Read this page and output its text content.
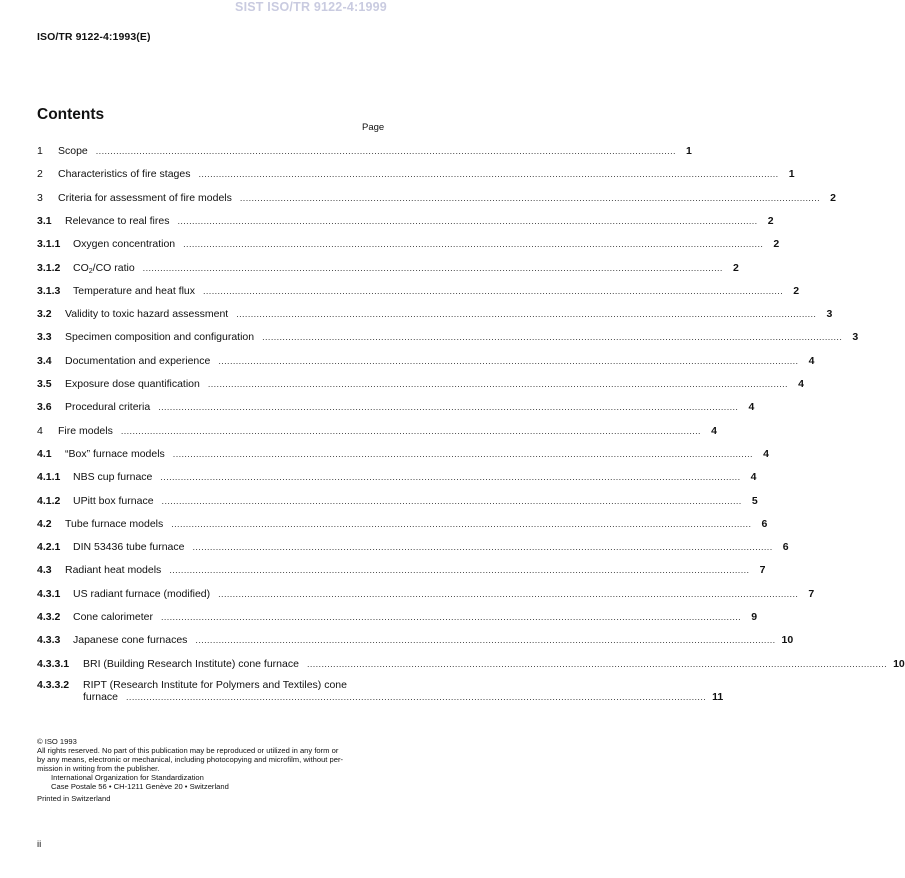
SIST ISO/TR 9122-4:1999
ISO/TR 9122-4:1993(E)
Contents
Page
1	Scope ........................................................................................................................................................................................................ 1
2	Characteristics of fire stages ........................................................................................................................................................................................................ 1
3	Criteria for assessment of fire models ........................................................................................................................................................................................................ 2
3.1	Relevance to real fires ........................................................................................................................................................................................................ 2
3.1.1	Oxygen concentration ........................................................................................................................................................................................................ 2
3.1.2	$CO_2/CO$ ratio ........................................................................................................................................................................................................ 2
3.1.3	Temperature and heat flux ........................................................................................................................................................................................................ 2
3.2	Validity to toxic hazard assessment ........................................................................................................................................................................................................ 3
3.3	Specimen composition and configuration ........................................................................................................................................................................................................ 3
3.4	Documentation and experience ........................................................................................................................................................................................................ 4
3.5	Exposure dose quantification ........................................................................................................................................................................................................ 4
3.6	Procedural criteria ........................................................................................................................................................................................................ 4
4	Fire models ........................................................................................................................................................................................................ 4
4.1	“Box” furnace models ........................................................................................................................................................................................................ 4
4.1.1	NBS cup furnace ........................................................................................................................................................................................................ 4
4.1.2	UPitt box furnace ........................................................................................................................................................................................................ 5
4.2	Tube furnace models ........................................................................................................................................................................................................ 6
4.2.1	DIN 53436 tube furnace ........................................................................................................................................................................................................ 6
4.3	Radiant heat models ........................................................................................................................................................................................................ 7
4.3.1	US radiant furnace (modified) ........................................................................................................................................................................................................ 7
4.3.2	Cone calorimeter ........................................................................................................................................................................................................ 9
4.3.3	Japanese cone furnaces ........................................................................................................................................................................................................ 10
4.3.3.1	BRI (Building Research Institute) cone furnace ........................................................................................................................................................................................................ 10
4.3.3.2	RIPT (Research Institute for Polymers and Textiles) cone
furnace ........................................................................................................................................................................................................ 11
© ISO 1993
All rights reserved. No part of this publication may be reproduced or utilized in any form or
by any means, electronic or mechanical, including photocopying and microfilm, without per-
mission in writing from the publisher.
International Organization for Standardization
Case Postale 56 • CH-1211 Genève 20 • Switzerland
Printed in Switzerland
ii
